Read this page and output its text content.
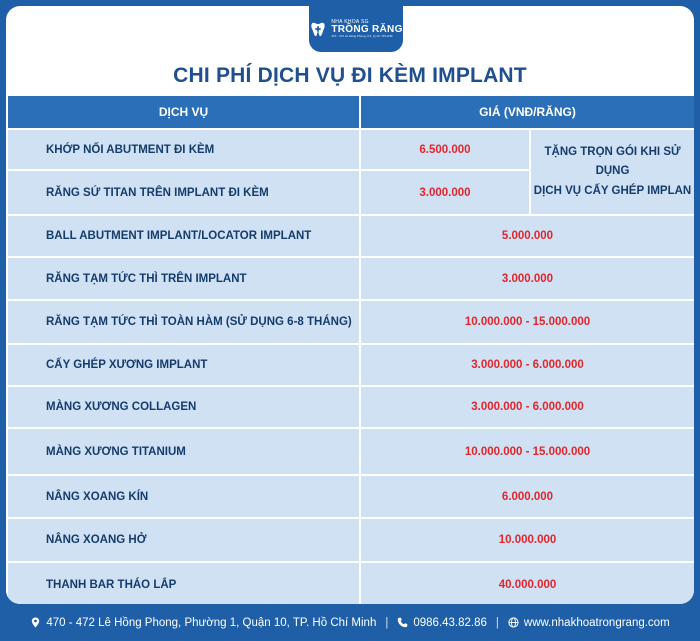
NHA KHOA SG
TRỒNG RĂNG
470 - 472 Lê Hồng Phong, P.1, Q.10, TP.HCM
CHI PHÍ DỊCH VỤ ĐI KÈM IMPLANT
DỊCH VỤ	GIÁ (VNĐ/RĂNG)	
KHỚP NỐI ABUTMENT ĐI KÈM	6.500.000	TẶNG TRỌN GÓI KHI SỬ DỤNG
DỊCH VỤ CẤY GHÉP IMPLAN

RĂNG SỨ TITAN TRÊN IMPLANT ĐI KÈM	3.000.000	
BALL ABUTMENT IMPLANT/LOCATOR IMPLANT	5.000.000	
RĂNG TẠM TỨC THÌ TRÊN IMPLANT	3.000.000	
RĂNG TẠM TỨC THÌ TOÀN HÀM (SỬ DỤNG 6-8 THÁNG)	10.000.000 - 15.000.000	
CẤY GHÉP XƯƠNG IMPLANT	3.000.000 - 6.000.000	
MÀNG XƯƠNG COLLAGEN	3.000.000 - 6.000.000	
MÀNG XƯƠNG TITANIUM	10.000.000 - 15.000.000	
NÂNG XOANG KÍN	6.000.000	
NÂNG XOANG HỞ	10.000.000	
THANH BAR THÁO LẮP	40.000.000	
470 - 472 Lê Hồng Phong, Phường 1, Quận 10, TP. Hồ Chí Minh | 0986.43.82.86 | www.nhakhoatrongrang.com
